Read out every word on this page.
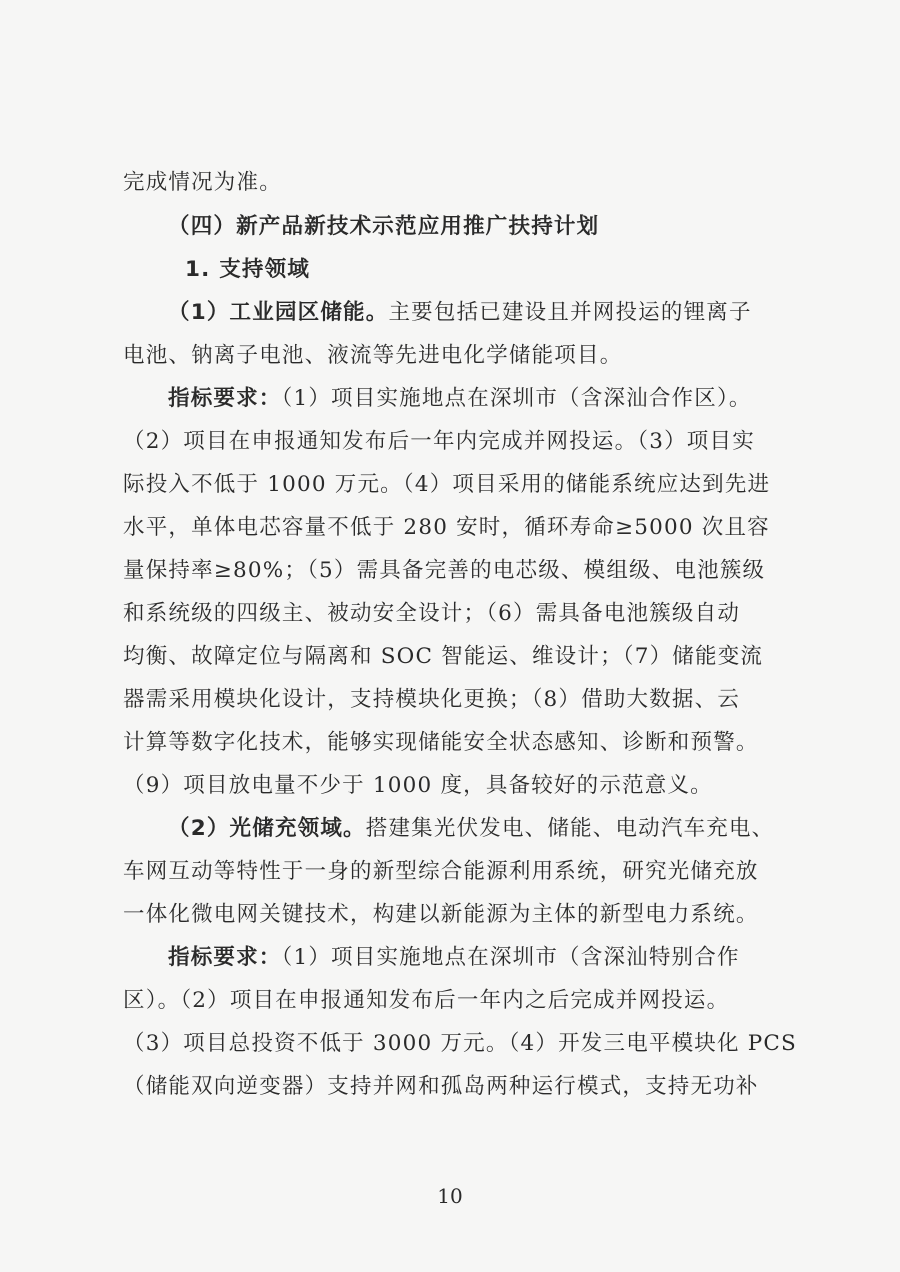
完成情况为准。
（四）新产品新技术示范应用推广扶持计划
1. 支持领域
（1）工业园区储能。主要包括已建设且并网投运的锂离子
电池、钠离子电池、液流等先进电化学储能项目。
指标要求：（1）项目实施地点在深圳市（含深汕合作区）。
（2）项目在申报通知发布后一年内完成并网投运。（3）项目实
际投入不低于 1000 万元。（4）项目采用的储能系统应达到先进
水平，单体电芯容量不低于 280 安时，循环寿命≥5000 次且容
量保持率≥80%；（5）需具备完善的电芯级、模组级、电池簇级
和系统级的四级主、被动安全设计；（6）需具备电池簇级自动
均衡、故障定位与隔离和 SOC 智能运、维设计；（7）储能变流
器需采用模块化设计，支持模块化更换；（8）借助大数据、云
计算等数字化技术，能够实现储能安全状态感知、诊断和预警。
（9）项目放电量不少于 1000 度，具备较好的示范意义。
（2）光储充领域。搭建集光伏发电、储能、电动汽车充电、
车网互动等特性于一身的新型综合能源利用系统，研究光储充放
一体化微电网关键技术，构建以新能源为主体的新型电力系统。
指标要求：（1）项目实施地点在深圳市（含深汕特别合作
区）。（2）项目在申报通知发布后一年内之后完成并网投运。
（3）项目总投资不低于 3000 万元。（4）开发三电平模块化 PCS
（储能双向逆变器）支持并网和孤岛两种运行模式，支持无功补
10
